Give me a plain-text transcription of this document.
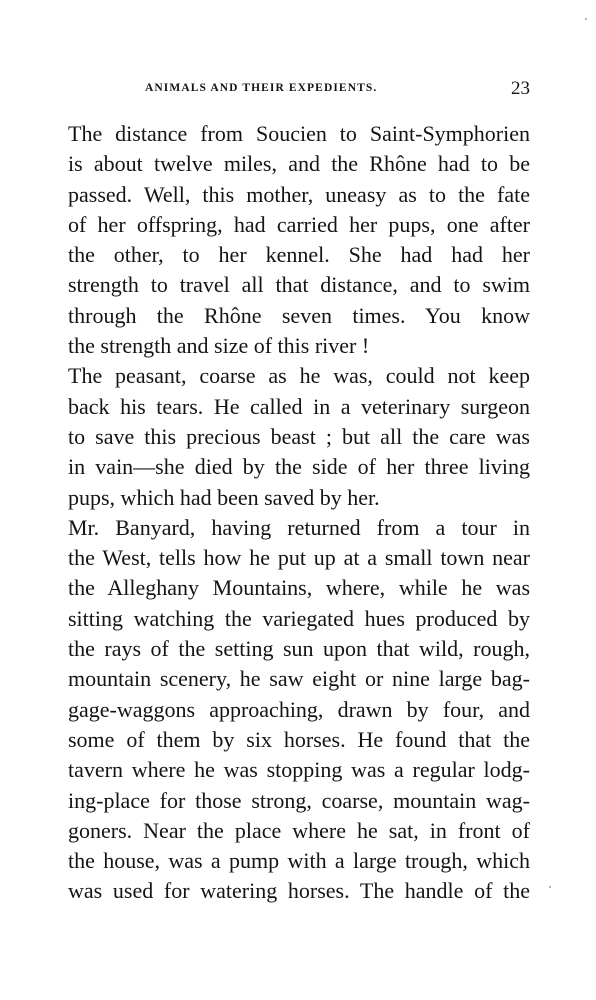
ANIMALS AND THEIR EXPEDIENTS.	23
The distance from Soucien to Saint-Symphorien
is about twelve miles, and the Rhône had to be
passed. Well, this mother, uneasy as to the fate
of her offspring, had carried her pups, one after
the other, to her kennel. She had had her
strength to travel all that distance, and to swim
through the Rhône seven times. You know
the strength and size of this river !
The peasant, coarse as he was, could not keep
back his tears. He called in a veterinary surgeon
to save this precious beast ; but all the care was
in vain—she died by the side of her three living
pups, which had been saved by her.
Mr. Banyard, having returned from a tour in
the West, tells how he put up at a small town near
the Alleghany Mountains, where, while he was
sitting watching the variegated hues produced by
the rays of the setting sun upon that wild, rough,
mountain scenery, he saw eight or nine large bag-
gage-waggons approaching, drawn by four, and
some of them by six horses. He found that the
tavern where he was stopping was a regular lodg-
ing-place for those strong, coarse, mountain wag-
goners. Near the place where he sat, in front of
the house, was a pump with a large trough, which
was used for watering horses. The handle of the
